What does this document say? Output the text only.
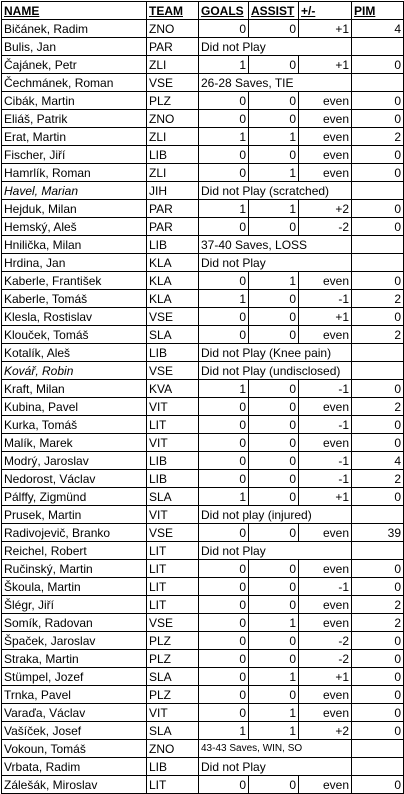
NAME	TEAM	GOALS	ASSIST	+/-	PIM
Bičánek, Radim	ZNO	0	0	+1	4
Bulis, Jan	PAR	Did not Play			
Čajánek, Petr	ZLI	1	0	+1	0
Čechmánek, Roman	VSE	26-28 Saves, TIE			
Cibák, Martin	PLZ	0	0	even	0
Eliáš, Patrik	ZNO	0	0	even	0
Erat, Martin	ZLI	1	1	even	2
Fischer, Jiří	LIB	0	0	even	0
Hamrlík, Roman	ZLI	0	1	even	0
Havel, Marian	JIH	Did not Play (scratched)			
Hejduk, Milan	PAR	1	1	+2	0
Hemský, Aleš	PAR	0	0	-2	0
Hnilička, Milan	LIB	37-40 Saves, LOSS			
Hrdina, Jan	KLA	Did not Play			
Kaberle, František	KLA	0	1	even	0
Kaberle, Tomáš	KLA	1	0	-1	2
Klesla, Rostislav	VSE	0	0	+1	0
Klouček, Tomáš	SLA	0	0	even	2
Kotalík, Aleš	LIB	Did not Play (Knee pain)			
Kovář, Robin	VSE	Did not Play (undisclosed)			
Kraft, Milan	KVA	1	0	-1	0
Kubina, Pavel	VIT	0	0	even	2
Kurka, Tomáš	LIT	0	0	-1	0
Malík, Marek	VIT	0	0	even	0
Modrý, Jaroslav	LIB	0	0	-1	4
Nedorost, Václav	LIB	0	0	-1	2
Pálffy, Zigmünd	SLA	1	0	+1	0
Prusek, Martin	VIT	Did not play (injured)			
Radivojevič, Branko	VSE	0	0	even	39
Reichel, Robert	LIT	Did not Play			
Ručinský, Martin	LIT	0	0	even	0
Škoula, Martin	LIT	0	0	-1	0
Šlégr, Jiří	LIT	0	0	even	2
Somík, Radovan	VSE	0	1	even	2
Špaček, Jaroslav	PLZ	0	0	-2	0
Straka, Martin	PLZ	0	0	-2	0
Stümpel, Jozef	SLA	0	1	+1	0
Trnka, Pavel	PLZ	0	0	even	0
Varaďa, Václav	VIT	0	1	even	0
Vašíček, Josef	SLA	1	1	+2	0
Vokoun, Tomáš	ZNO	43-43 Saves, WIN, SO			
Vrbata, Radim	LIB	Did not Play			
Zálešák, Miroslav	LIT	0	0	even	0
